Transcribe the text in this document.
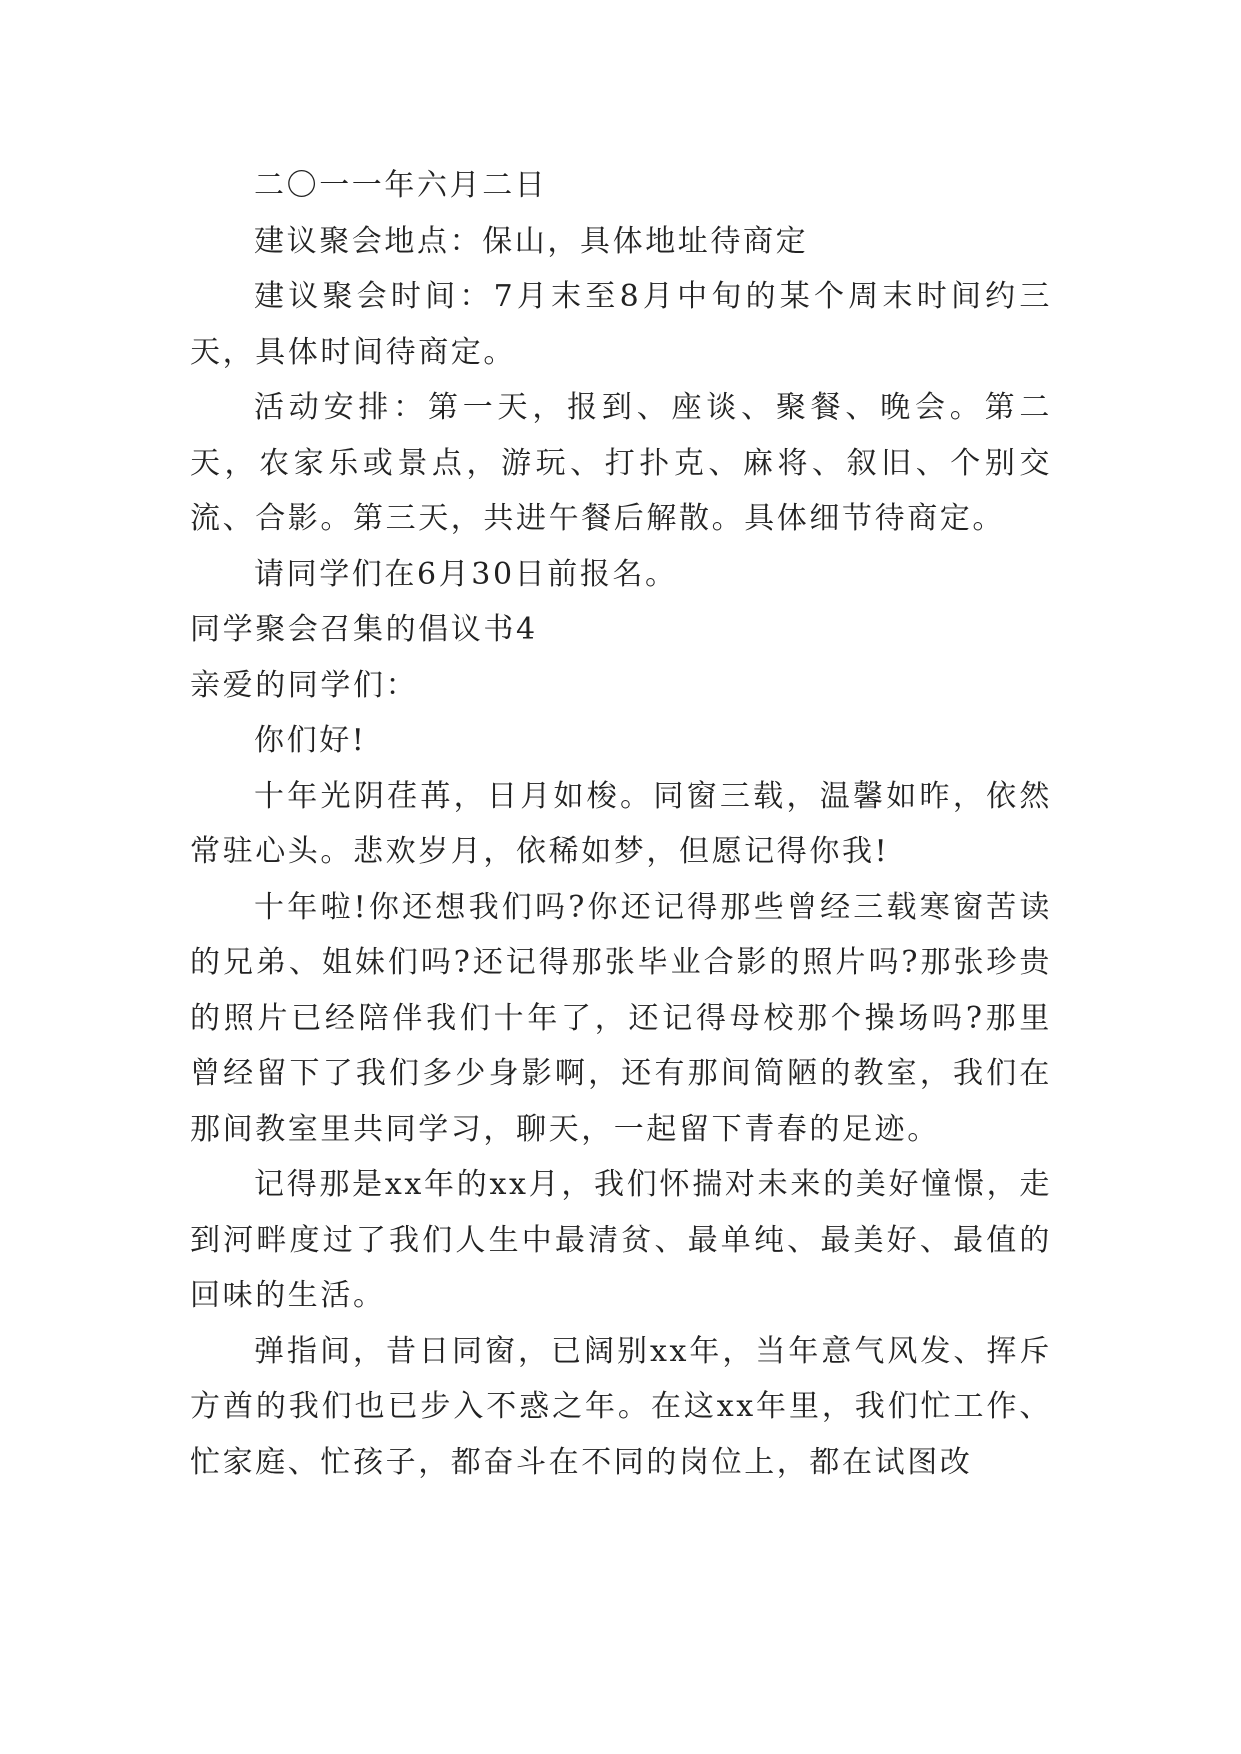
二〇一一年六月二日

建议聚会地点：保山，具体地址待商定

建议聚会时间：7月末至8月中旬的某个周末时间约三天，具体时间待商定。

活动安排：第一天，报到、座谈、聚餐、晚会。第二天，农家乐或景点，游玩、打扑克、麻将、叙旧、个别交流、合影。第三天，共进午餐后解散。具体细节待商定。

请同学们在6月30日前报名。

同学聚会召集的倡议书4

亲爱的同学们：

你们好!

十年光阴荏苒，日月如梭。同窗三载，温馨如昨，依然常驻心头。悲欢岁月，依稀如梦，但愿记得你我!

十年啦!你还想我们吗?你还记得那些曾经三载寒窗苦读的兄弟、姐妹们吗?还记得那张毕业合影的照片吗?那张珍贵的照片已经陪伴我们十年了，还记得母校那个操场吗?那里曾经留下了我们多少身影啊，还有那间简陋的教室，我们在那间教室里共同学习，聊天，一起留下青春的足迹。

记得那是xx年的xx月，我们怀揣对未来的美好憧憬，走到河畔度过了我们人生中最清贫、最单纯、最美好、最值的回味的生活。

弹指间，昔日同窗，已阔别xx年，当年意气风发、挥斥方酋的我们也已步入不惑之年。在这xx年里，我们忙工作、忙家庭、忙孩子，都奋斗在不同的岗位上，都在试图改
